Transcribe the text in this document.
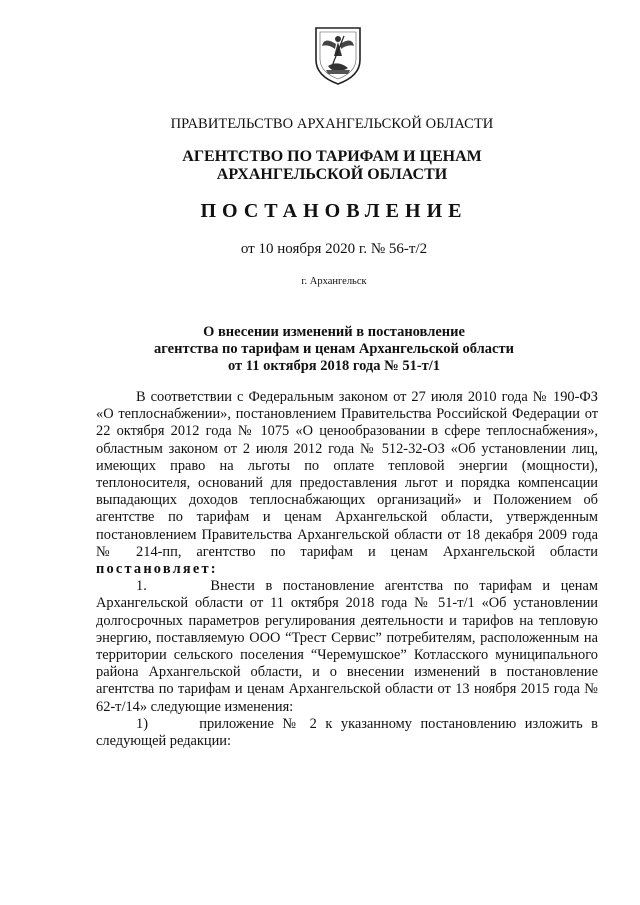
ПРАВИТЕЛЬСТВО АРХАНГЕЛЬСКОЙ ОБЛАСТИ
АГЕНТСТВО ПО ТАРИФАМ И ЦЕНАМ
АРХАНГЕЛЬСКОЙ ОБЛАСТИ
ПОСТАНОВЛЕНИЕ
от 10 ноября 2020 г. № 56-т/2
г. Архангельск
О внесении изменений в постановление
агентства по тарифам и ценам Архангельской области
от 11 октября 2018 года № 51-т/1

В соответствии с Федеральным законом от 27 июля 2010 года № 190-ФЗ «О теплоснабжении», постановлением Правительства Российской Федерации от 22 октября 2012 года № 1075 «О ценообразовании в сфере теплоснабжения», областным законом от 2 июля 2012 года № 512-32-ОЗ «Об установлении лиц, имеющих право на льготы по оплате тепловой энергии (мощности), теплоносителя, оснований для предоставления льгот и порядка компенсации выпадающих доходов теплоснабжающих организаций» и Положением об агентстве по тарифам и ценам Архангельской области, утвержденным постановлением Правительства Архангельской области от 18 декабря 2009 года № 214-пп, агентство по тарифам и ценам Архангельской области постановляет:

1.	Внести в постановление агентства по тарифам и ценам Архангельской области от 11 октября 2018 года № 51-т/1 «Об установлении долгосрочных параметров регулирования деятельности и тарифов на тепловую энергию, поставляемую ООО “Трест Сервис” потребителям, расположенным на территории сельского поселения “Черемушское” Котласского муниципального района Архангельской области, и о внесении изменений в постановление агентства по тарифам и ценам Архангельской области от 13 ноября 2015 года № 62-т/14» следующие изменения:

1)	приложение № 2 к указанному постановлению изложить в следующей редакции:
